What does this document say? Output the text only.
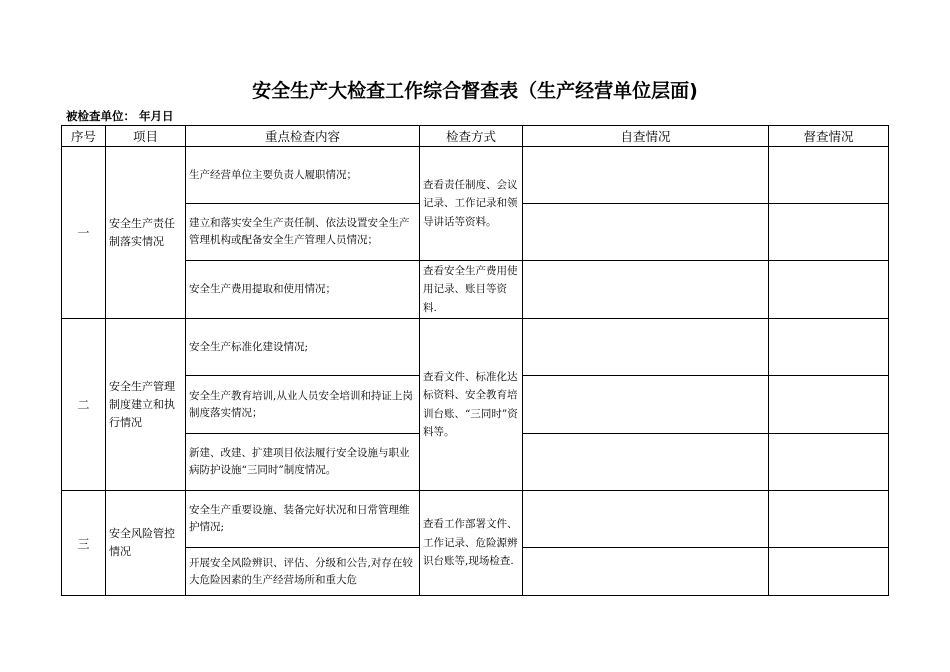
安全生产大检查工作综合督查表（生产经营单位层面)
被检查单位： 年月日
序号	项目	重点检查内容	检查方式	自查情况	督查情况
一	安全生产责任制落实情况	生产经营单位主要负责人履职情况；	查看责任制度、会议记录、工作记录和领导讲话等资料。		
		建立和落实安全生产责任制、依法设置安全生产管理机构或配备安全生产管理人员情况；			
		安全生产费用提取和使用情况；	查看安全生产费用使用记录、账目等资料.		
二	安全生产管理制度建立和执行情况	安全生产标准化建设情况;	查看文件、标准化达标资料、安全教育培训台账、“三同时”资料等。		
		安全生产教育培训,从业人员安全培训和持证上岗制度落实情况；			
		新建、改建、扩建项目依法履行安全设施与职业病防护设施“三同时”制度情况。			
三	安全风险管控情况	安全生产重要设施、装备完好状况和日常管理维护情况;	查看工作部署文件、工作记录、危险源辨识台账等,现场检查.		
		开展安全风险辨识、评估、分级和公告,对存在较大危险因素的生产经营场所和重大危			
